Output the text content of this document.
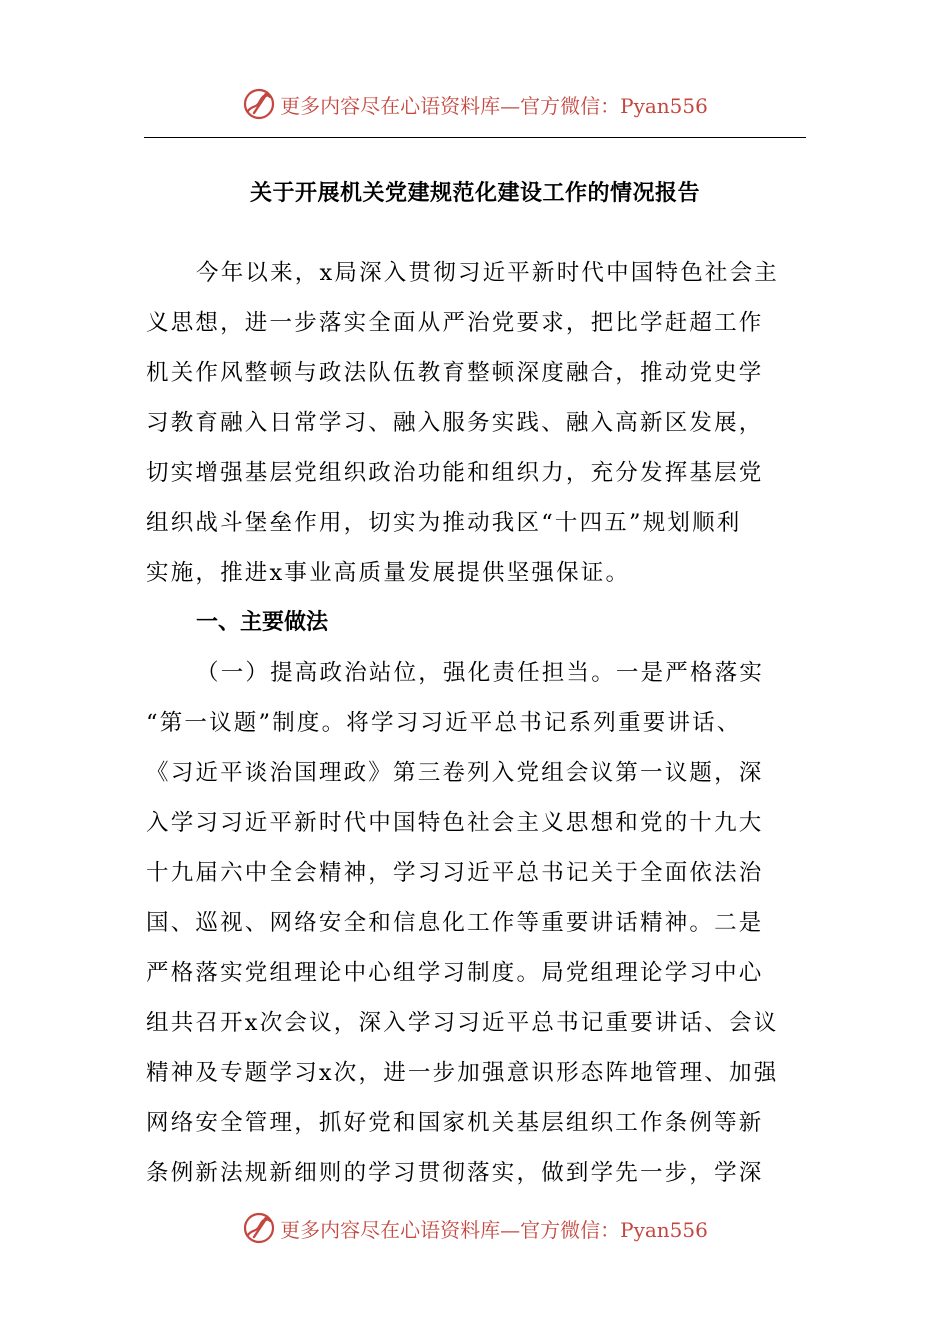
更多内容尽在心语资料库—官方微信：Pyan556
关于开展机关党建规范化建设工作的情况报告
今年以来，x局深入贯彻习近平新时代中国特色社会主
义思想，进一步落实全面从严治党要求，把比学赶超工作
机关作风整顿与政法队伍教育整顿深度融合，推动党史学
习教育融入日常学习、融入服务实践、融入高新区发展，
切实增强基层党组织政治功能和组织力，充分发挥基层党
组织战斗堡垒作用，切实为推动我区“十四五”规划顺利
实施，推进x事业高质量发展提供坚强保证。
一、主要做法
（一）提高政治站位，强化责任担当。一是严格落实
“第一议题”制度。将学习习近平总书记系列重要讲话、
《习近平谈治国理政》第三卷列入党组会议第一议题，深
入学习习近平新时代中国特色社会主义思想和党的十九大
十九届六中全会精神，学习习近平总书记关于全面依法治
国、巡视、网络安全和信息化工作等重要讲话精神。二是
严格落实党组理论中心组学习制度。局党组理论学习中心
组共召开x次会议，深入学习习近平总书记重要讲话、会议
精神及专题学习x次，进一步加强意识形态阵地管理、加强
网络安全管理，抓好党和国家机关基层组织工作条例等新
条例新法规新细则的学习贯彻落实，做到学先一步，学深
更多内容尽在心语资料库—官方微信：Pyan556
